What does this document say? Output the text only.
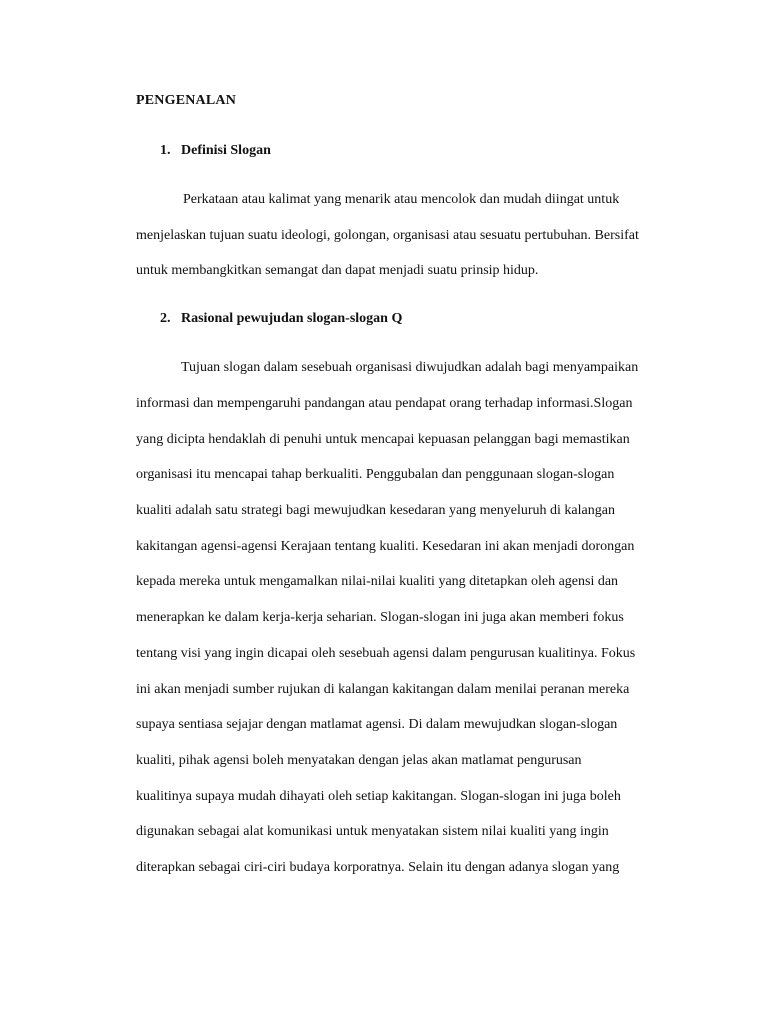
PENGENALAN
1. Definisi Slogan
Perkataan atau kalimat yang menarik atau mencolok dan mudah diingat untuk
menjelaskan tujuan suatu ideologi, golongan, organisasi atau sesuatu pertubuhan. Bersifat
untuk membangkitkan semangat dan dapat menjadi suatu prinsip hidup.
2. Rasional pewujudan slogan-slogan Q
Tujuan slogan dalam sesebuah organisasi diwujudkan adalah bagi menyampaikan
informasi dan mempengaruhi pandangan atau pendapat orang terhadap informasi.Slogan
yang dicipta hendaklah di penuhi untuk mencapai kepuasan pelanggan bagi memastikan
organisasi itu mencapai tahap berkualiti. Penggubalan dan penggunaan slogan-slogan
kualiti adalah satu strategi bagi mewujudkan kesedaran yang menyeluruh di kalangan
kakitangan agensi-agensi Kerajaan tentang kualiti. Kesedaran ini akan menjadi dorongan
kepada mereka untuk mengamalkan nilai-nilai kualiti yang ditetapkan oleh agensi dan
menerapkan ke dalam kerja-kerja seharian. Slogan-slogan ini juga akan memberi fokus
tentang visi yang ingin dicapai oleh sesebuah agensi dalam pengurusan kualitinya. Fokus
ini akan menjadi sumber rujukan di kalangan kakitangan dalam menilai peranan mereka
supaya sentiasa sejajar dengan matlamat agensi. Di dalam mewujudkan slogan-slogan
kualiti, pihak agensi boleh menyatakan dengan jelas akan matlamat pengurusan
kualitinya supaya mudah dihayati oleh setiap kakitangan. Slogan-slogan ini juga boleh
digunakan sebagai alat komunikasi untuk menyatakan sistem nilai kualiti yang ingin
diterapkan sebagai ciri-ciri budaya korporatnya. Selain itu dengan adanya slogan yang
